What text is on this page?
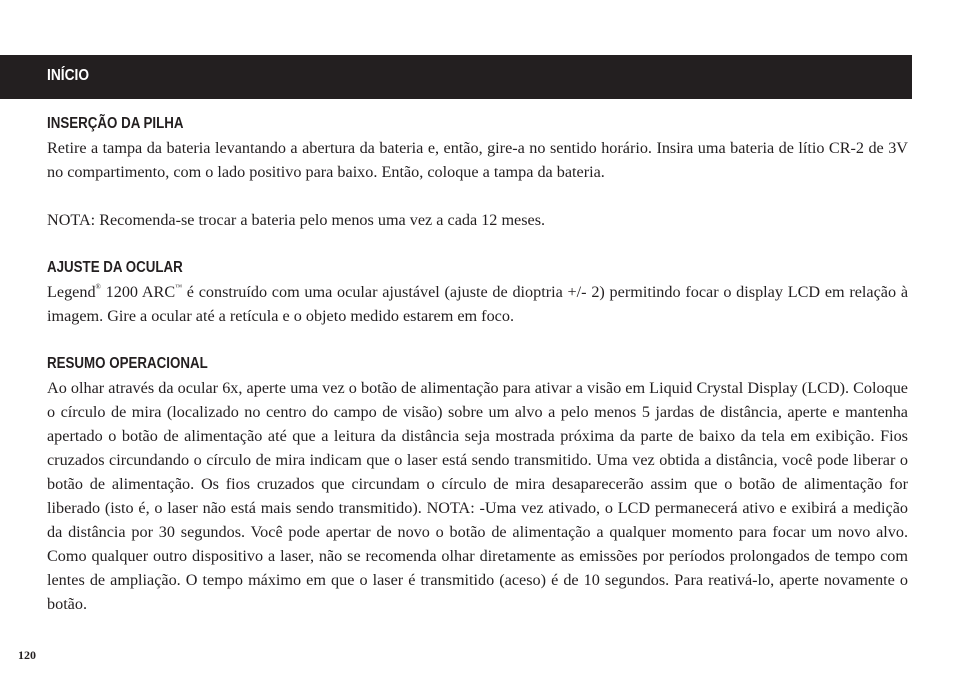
INÍCIO
INSERÇÃO DA PILHA

Retire a tampa da bateria levantando a abertura da bateria e, então, gire-a no sentido horário. Insira uma bateria de lítio CR-2 de 3V no compartimento, com o lado positivo para baixo. Então, coloque a tampa da bateria.

NOTA: Recomenda-se trocar a bateria pelo menos uma vez a cada 12 meses.

AJUSTE DA OCULAR

Legend® 1200 ARC™ é construído com uma ocular ajustável (ajuste de dioptria +/- 2) permitindo focar o display LCD em relação à imagem. Gire a ocular até a retícula e o objeto medido estarem em foco.

RESUMO OPERACIONAL

Ao olhar através da ocular 6x, aperte uma vez o botão de alimentação para ativar a visão em Liquid Crystal Display (LCD). Coloque o círculo de mira (localizado no centro do campo de visão) sobre um alvo a pelo menos 5 jardas de distância, aperte e mantenha apertado o botão de alimentação até que a leitura da distância seja mostrada próxima da parte de baixo da tela em exibição. Fios cruzados circundando o círculo de mira indicam que o laser está sendo transmitido. Uma vez obtida a distância, você pode liberar o botão de alimentação. Os fios cruzados que circundam o círculo de mira desaparecerão assim que o botão de alimentação for liberado (isto é, o laser não está mais sendo transmitido). NOTA: -Uma vez ativado, o LCD permanecerá ativo e exibirá a medição da distância por 30 segundos. Você pode apertar de novo o botão de alimentação a qualquer momento para focar um novo alvo. Como qualquer outro dispositivo a laser, não se recomenda olhar diretamente as emissões por períodos prolongados de tempo com lentes de ampliação. O tempo máximo em que o laser é transmitido (aceso) é de 10 segundos. Para reativá-lo, aperte novamente o botão.

120
